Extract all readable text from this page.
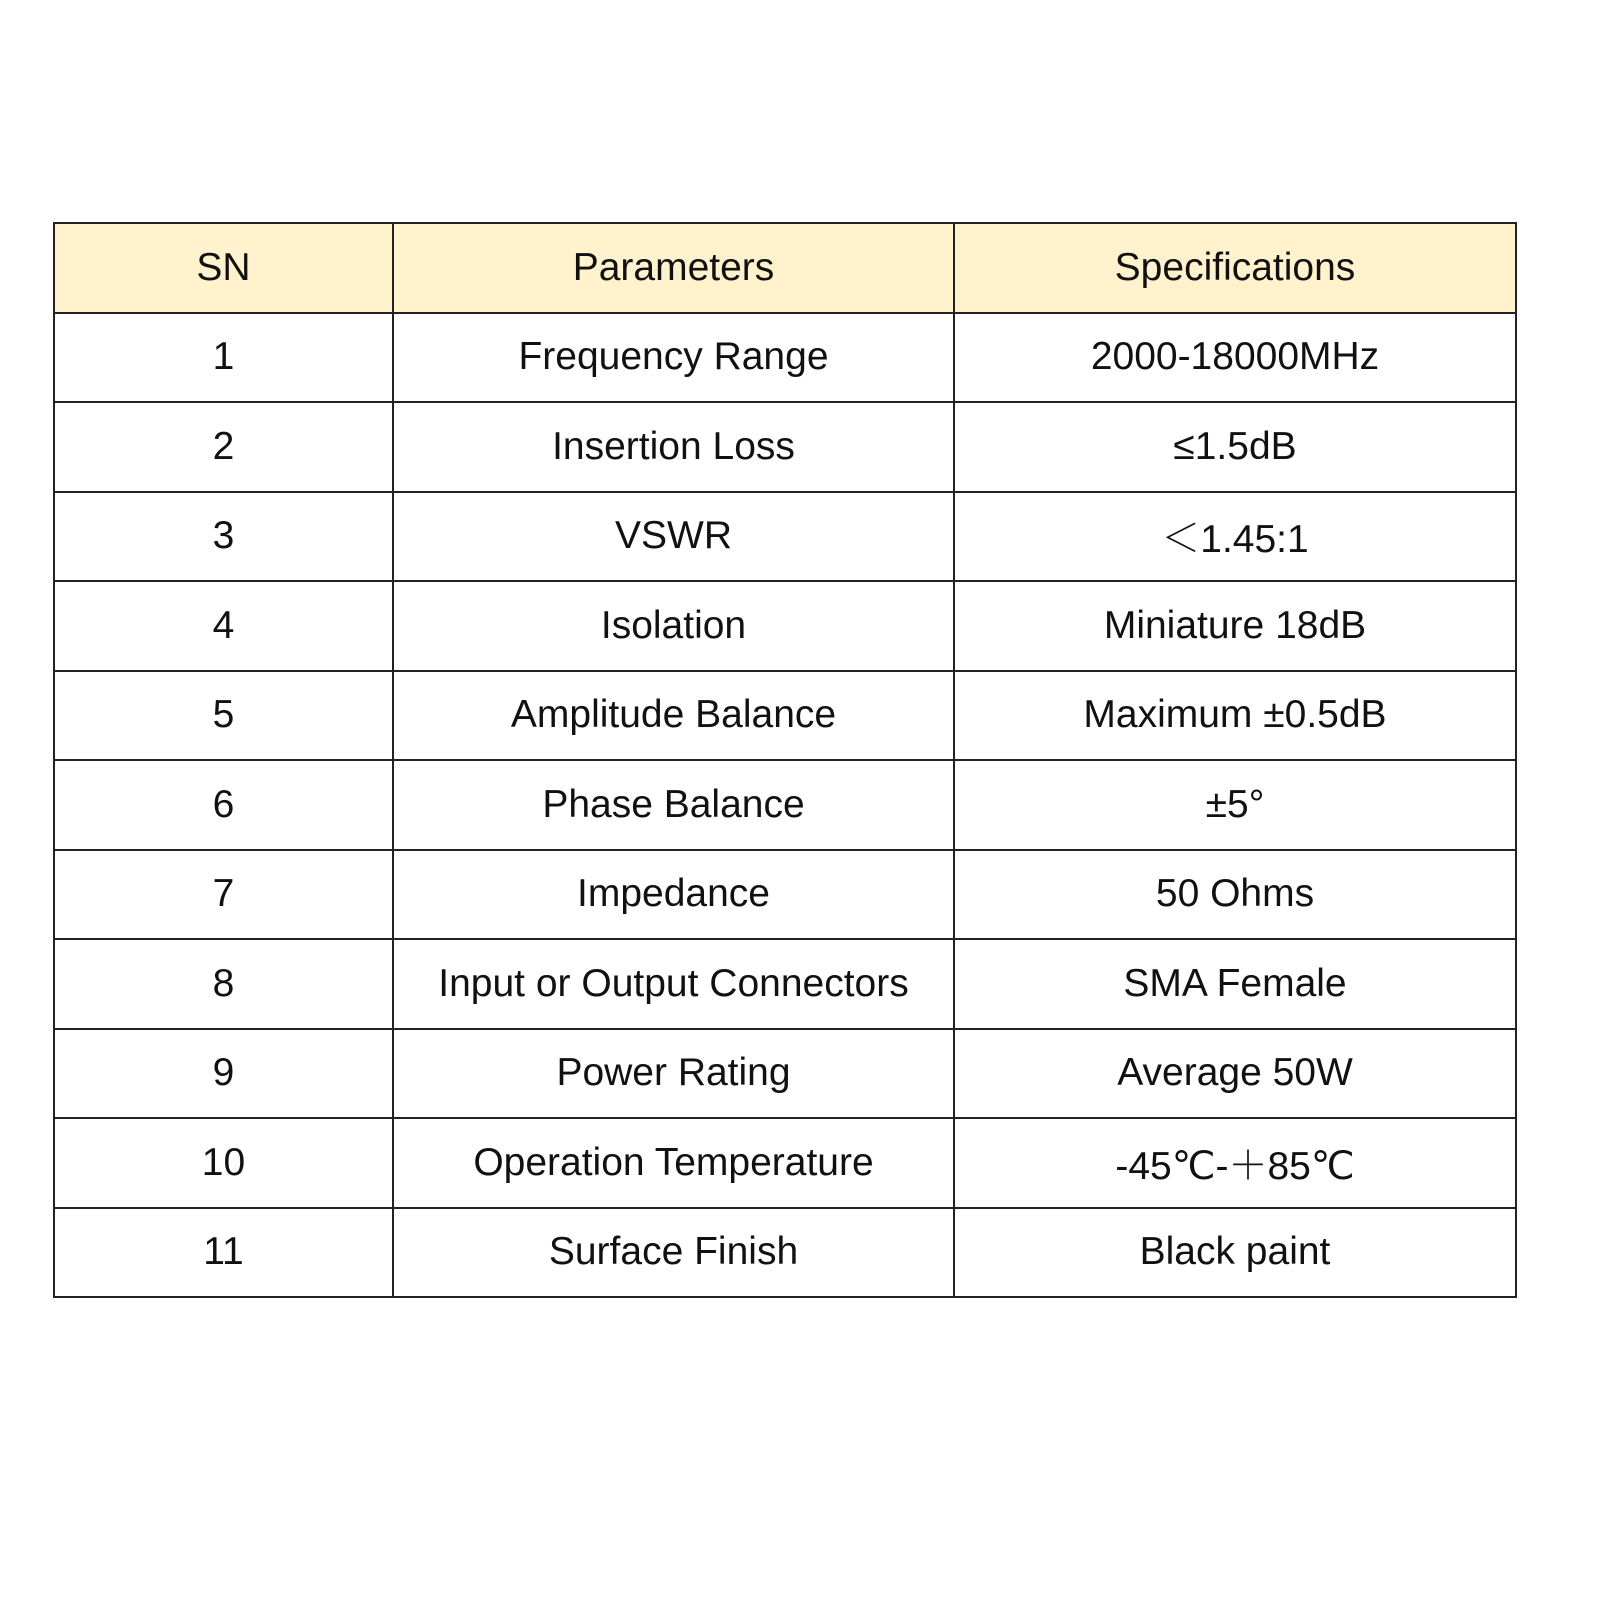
SN	Parameters	Specifications
1	Frequency Range	2000-18000MHz
2	Insertion Loss	≤1.5dB
3	VSWR	＜1.45:1
4	Isolation	Miniature 18dB
5	Amplitude Balance	Maximum ±0.5dB
6	Phase Balance	±5°
7	Impedance	50 Ohms
8	Input or Output Connectors	SMA Female
9	Power Rating	Average 50W
10	Operation Temperature	-45℃-＋85℃
11	Surface Finish	Black paint
